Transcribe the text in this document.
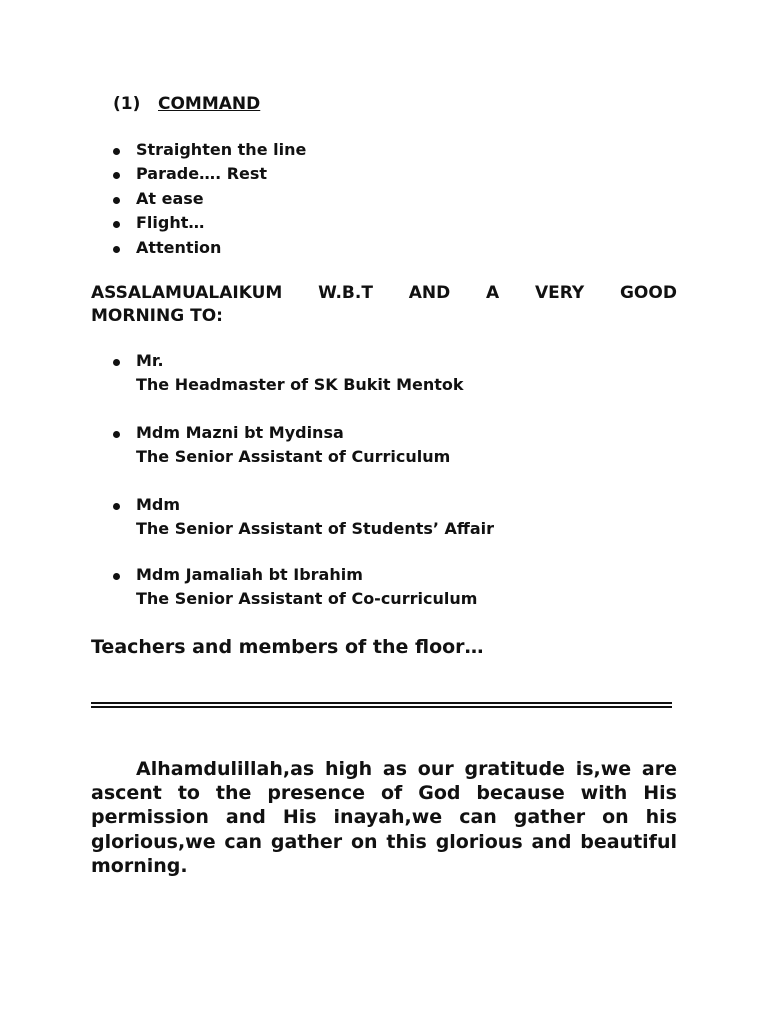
(1) COMMAND
Straighten the line
Parade…. Rest
At ease
Flight…
Attention
ASSALAMUALAIKUM W.B.T AND A VERY GOOD
MORNING TO:
Mr.
The Headmaster of SK Bukit Mentok
Mdm Mazni bt Mydinsa
The Senior Assistant of Curriculum
Mdm
The Senior Assistant of Students’ Affair
Mdm Jamaliah bt Ibrahim
The Senior Assistant of Co-curriculum
Teachers and members of the floor…

Alhamdulillah,as high as our gratitude is,we are ascent to the presence of God because with His permission and His inayah,we can gather on his glorious,we can gather on this glorious and beautiful morning.
